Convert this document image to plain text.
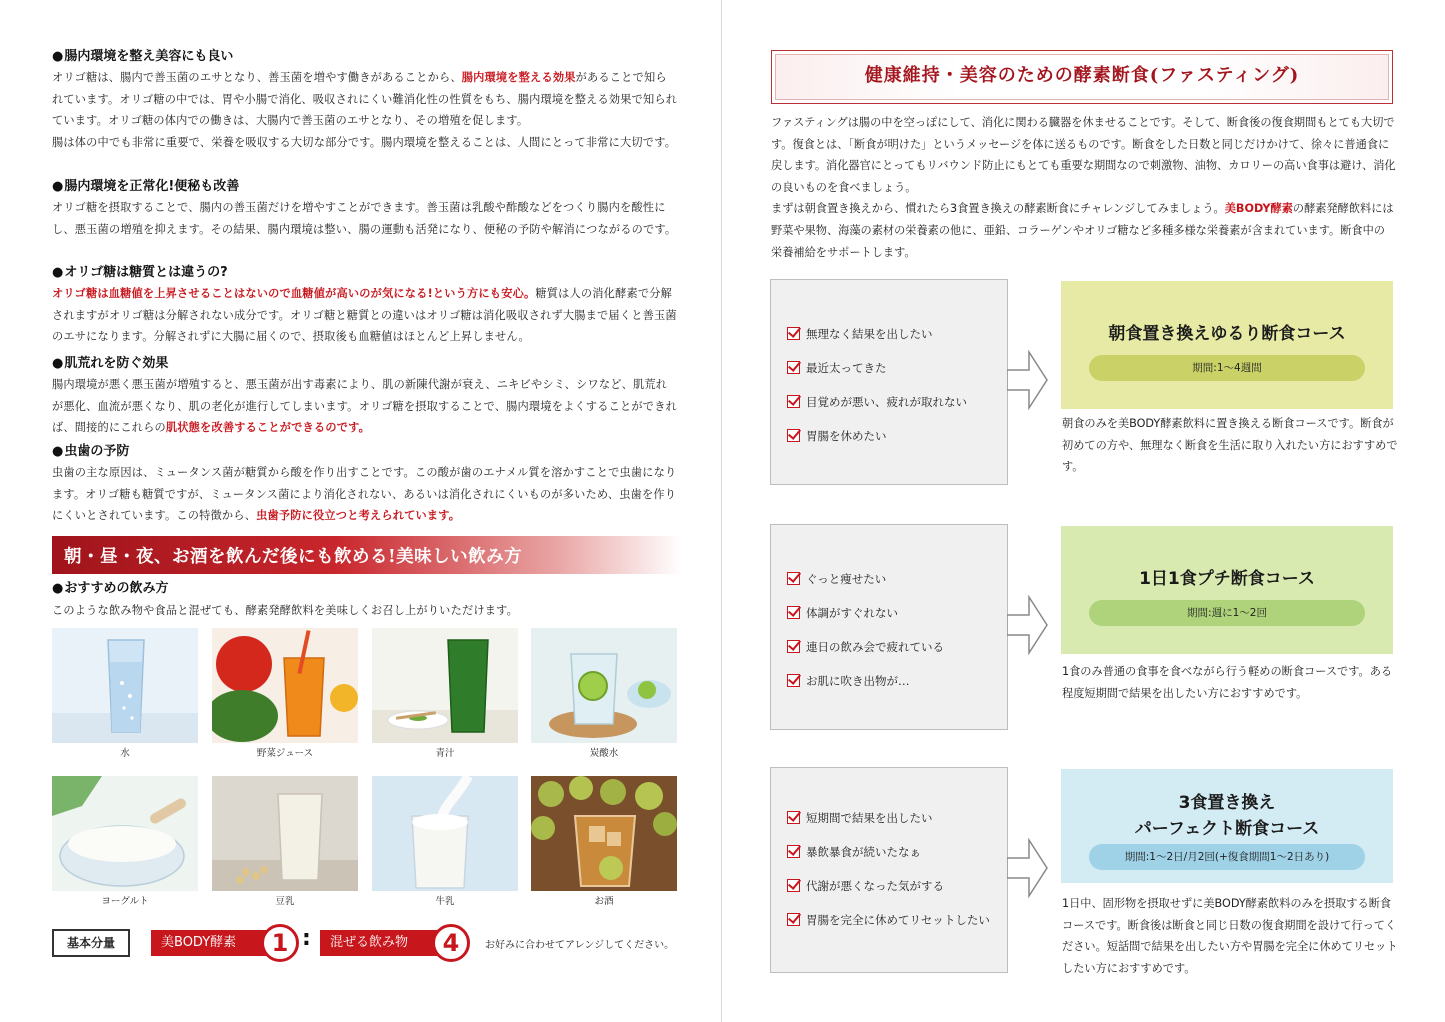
● 腸内環境を整え美容にも良い

オリゴ糖は、腸内で善玉菌のエサとなり、善玉菌を増やす働きがあることから、腸内環境を整える効果があることで知られています。オリゴ糖の中では、胃や小腸で消化、吸収されにくい難消化性の性質をもち、腸内環境を整える効果で知られています。オリゴ糖の体内での働きは、大腸内で善玉菌のエサとなり、その増殖を促します。
腸は体の中でも非常に重要で、栄養を吸収する大切な部分です。腸内環境を整えることは、人間にとって非常に大切です。

● 腸内環境を正常化!便秘も改善

オリゴ糖を摂取することで、腸内の善玉菌だけを増やすことができます。善玉菌は乳酸や酢酸などをつくり腸内を酸性にし、悪玉菌の増殖を抑えます。その結果、腸内環境は整い、腸の運動も活発になり、便秘の予防や解消につながるのです。

● オリゴ糖は糖質とは違うの?

オリゴ糖は血糖値を上昇させることはないので血糖値が高いのが気になる!という方にも安心。糖質は人の消化酵素で分解されますがオリゴ糖は分解されない成分です。オリゴ糖と糖質との違いはオリゴ糖は消化吸収されず大腸まで届くと善玉菌のエサになります。分解されずに大腸に届くので、摂取後も血糖値はほとんど上昇しません。

● 肌荒れを防ぐ効果

腸内環境が悪く悪玉菌が増殖すると、悪玉菌が出す毒素により、肌の新陳代謝が衰え、ニキビやシミ、シワなど、肌荒れが悪化、血流が悪くなり、肌の老化が進行してしまいます。オリゴ糖を摂取することで、腸内環境をよくすることができれば、間接的にこれらの肌状態を改善することができるのです。

● 虫歯の予防

虫歯の主な原因は、ミュータンス菌が糖質から酸を作り出すことです。この酸が歯のエナメル質を溶かすことで虫歯になります。オリゴ糖も糖質ですが、ミュータンス菌により消化されない、あるいは消化されにくいものが多いため、虫歯を作りにくいとされています。この特徴から、虫歯予防に役立つと考えられています。

朝・昼・夜、お酒を飲んだ後にも飲める!美味しい飲み方
● おすすめの飲み方

このような飲み物や食品と混ぜても、酵素発酵飲料を美味しくお召し上がりいただけます。

水	野菜ジュース	青汁	炭酸水
ヨーグルト	豆乳	牛乳	お酒
基本分量	美BODY酵素	1 :	混ぜる飲み物	4	お好みに合わせてアレンジしてください。
健康維持・美容のための酵素断食(ファスティング)

ファスティングは腸の中を空っぽにして、消化に関わる臓器を休ませることです。そして、断食後の復食期間もとても大切です。復食とは、「断食が明けた」というメッセージを体に送るものです。断食をした日数と同じだけかけて、徐々に普通食に戻します。消化器官にとってもリバウンド防止にもとても重要な期間なので刺激物、油物、カロリーの高い食事は避け、消化の良いものを食べましょう。
まずは朝食置き換えから、慣れたら3食置き換えの酵素断食にチャレンジしてみましょう。美BODY酵素の酵素発酵飲料には野菜や果物、海藻の素材の栄養素の他に、亜鉛、コラーゲンやオリゴ糖など多種多様な栄養素が含まれています。断食中の栄養補給をサポートします。

無理なく結果を出したい
最近太ってきた
目覚めが悪い、疲れが取れない
胃腸を休めたい
朝食置き換えゆるり断食コース
期間:1〜4週間

朝食のみを美BODY酵素飲料に置き換える断食コースです。断食が初めての方や、無理なく断食を生活に取り入れたい方におすすめです。

ぐっと痩せたい
体調がすぐれない
連日の飲み会で疲れている
お肌に吹き出物が…
1日1食プチ断食コース
期間:週に1〜2回

1食のみ普通の食事を食べながら行う軽めの断食コースです。ある程度短期間で結果を出したい方におすすめです。

短期間で結果を出したい
暴飲暴食が続いたなぁ
代謝が悪くなった気がする
胃腸を完全に休めてリセットしたい
3食置き換え
パーフェクト断食コース
期間:1〜2日/月2回(+復食期間1〜2日あり)

1日中、固形物を摂取せずに美BODY酵素飲料のみを摂取する断食コースです。断食後は断食と同じ日数の復食期間を設けて行ってください。短話間で結果を出したい方や胃腸を完全に休めてリセットしたい方におすすめです。
